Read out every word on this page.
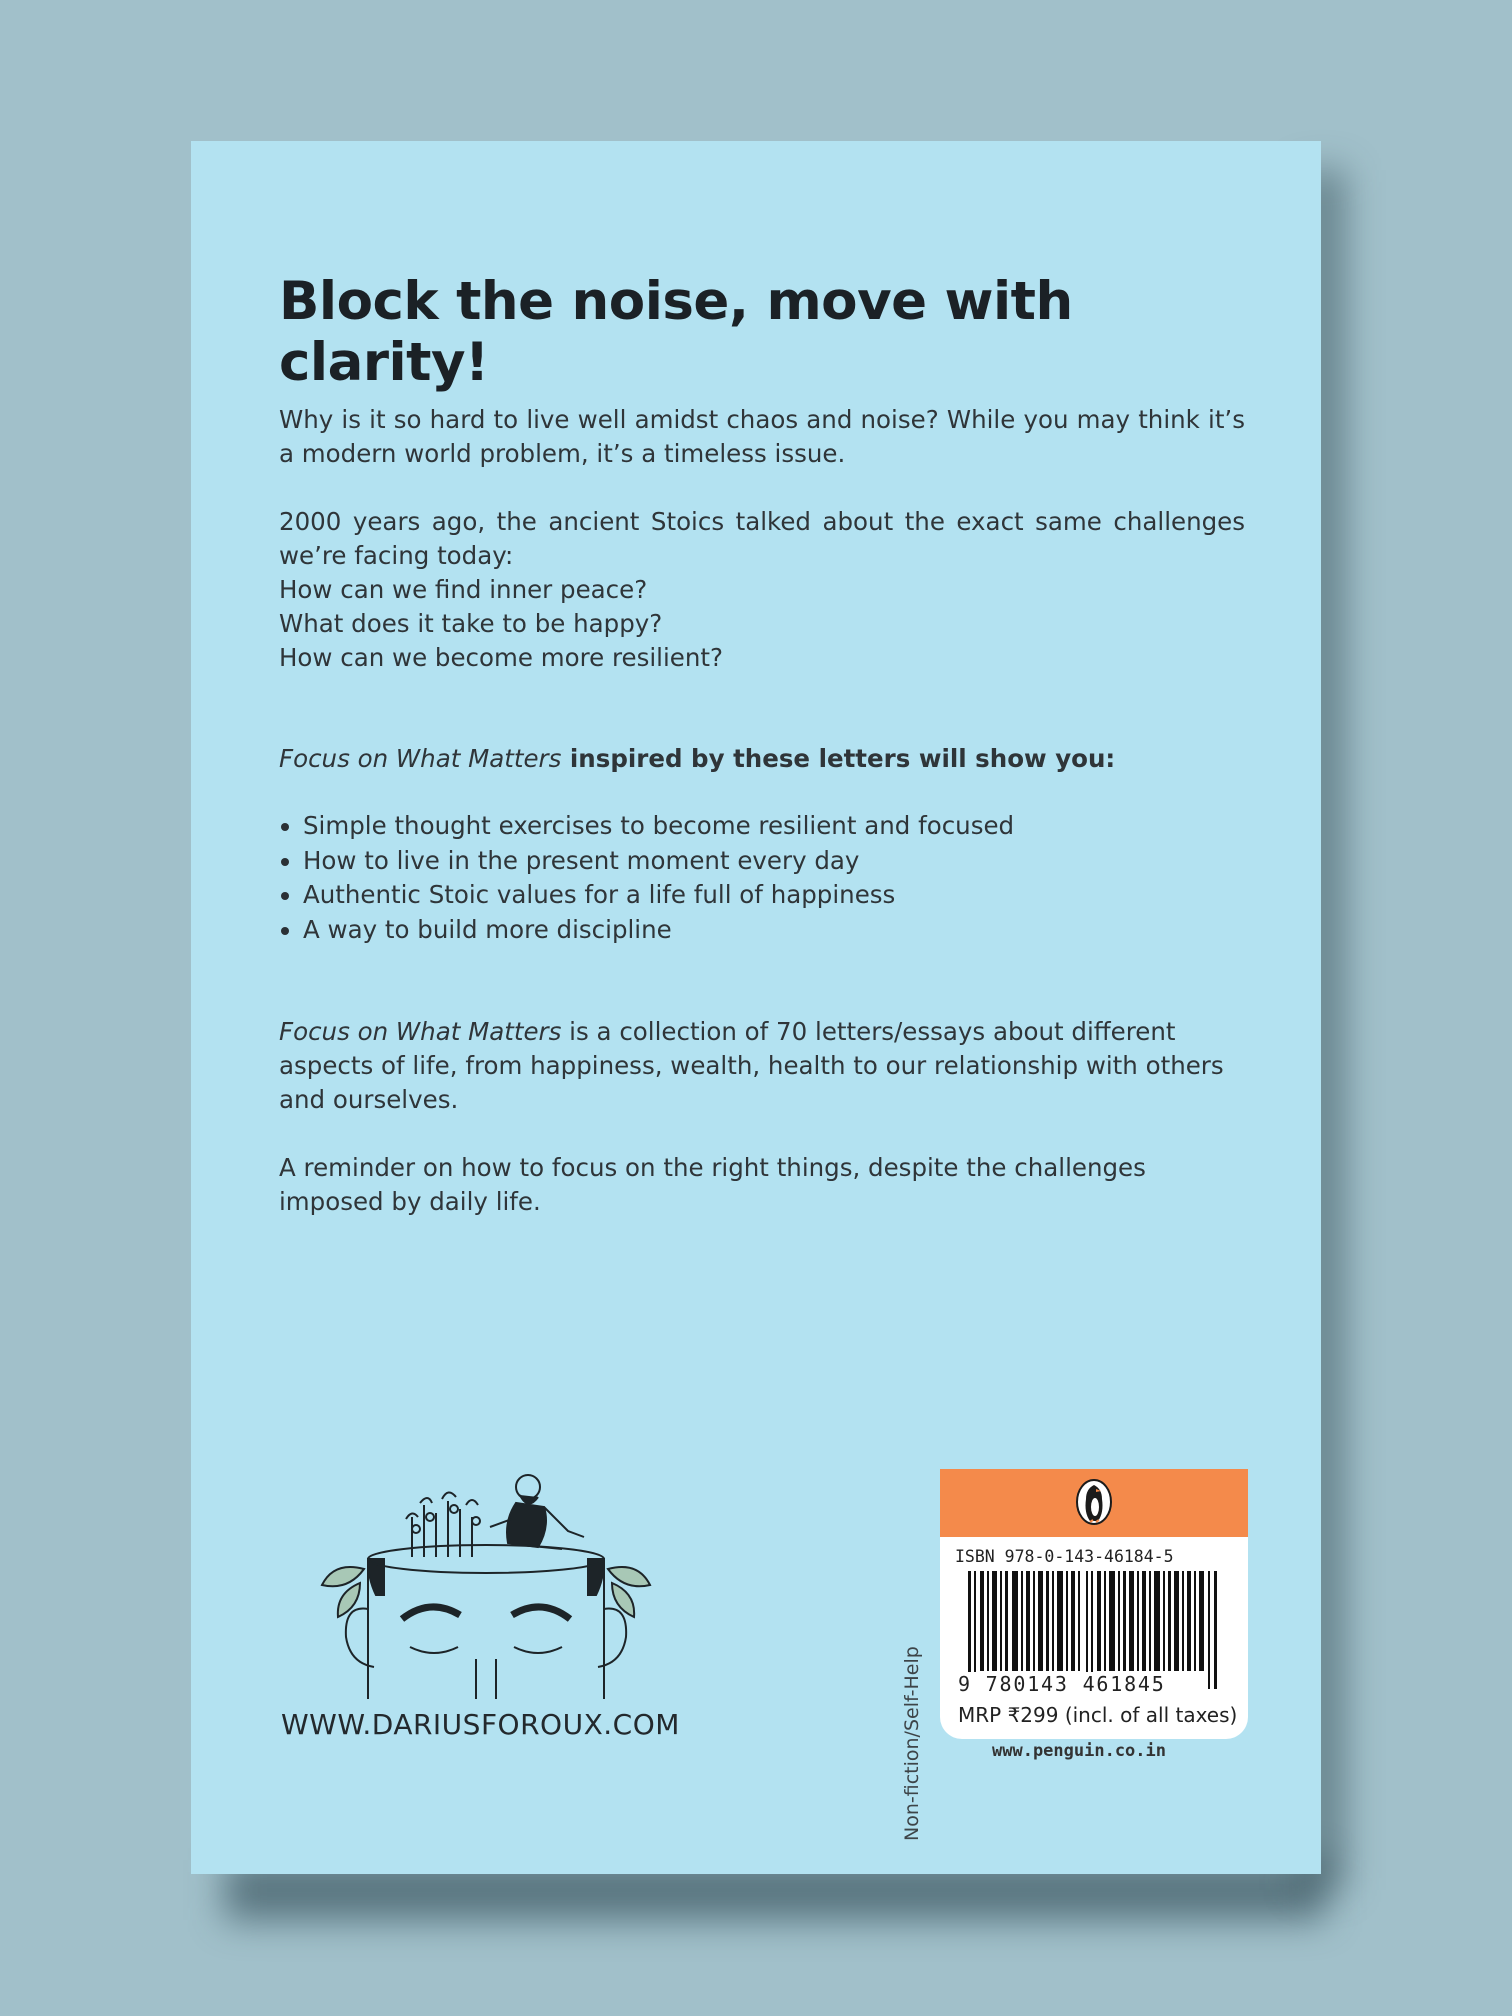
Block the noise, move with clarity!
Why is it so hard to live well amidst chaos and noise? While you may think it’s a modern world problem, it’s a timeless issue.

2000 years ago, the ancient Stoics talked about the exact same challenges we’re facing today:

How can we find inner peace?

What does it take to be happy?

How can we become more resilient?

Focus on What Matters inspired by these letters will show you:
Simple thought exercises to become resilient and focused
How to live in the present moment every day
Authentic Stoic values for a life full of happiness
A way to build more discipline
Focus on What Matters is a collection of 70 letters/essays about different aspects of life, from happiness, wealth, health to our relationship with others and ourselves.
A reminder on how to focus on the right things, despite the challenges imposed by daily life.
WWW.DARIUSFOROUX.COM	Non-fiction/Self-Help
ISBN 978-0-143-46184-5
9 780143 461845
MRP ₹299 (incl. of all taxes)
www.penguin.co.in
